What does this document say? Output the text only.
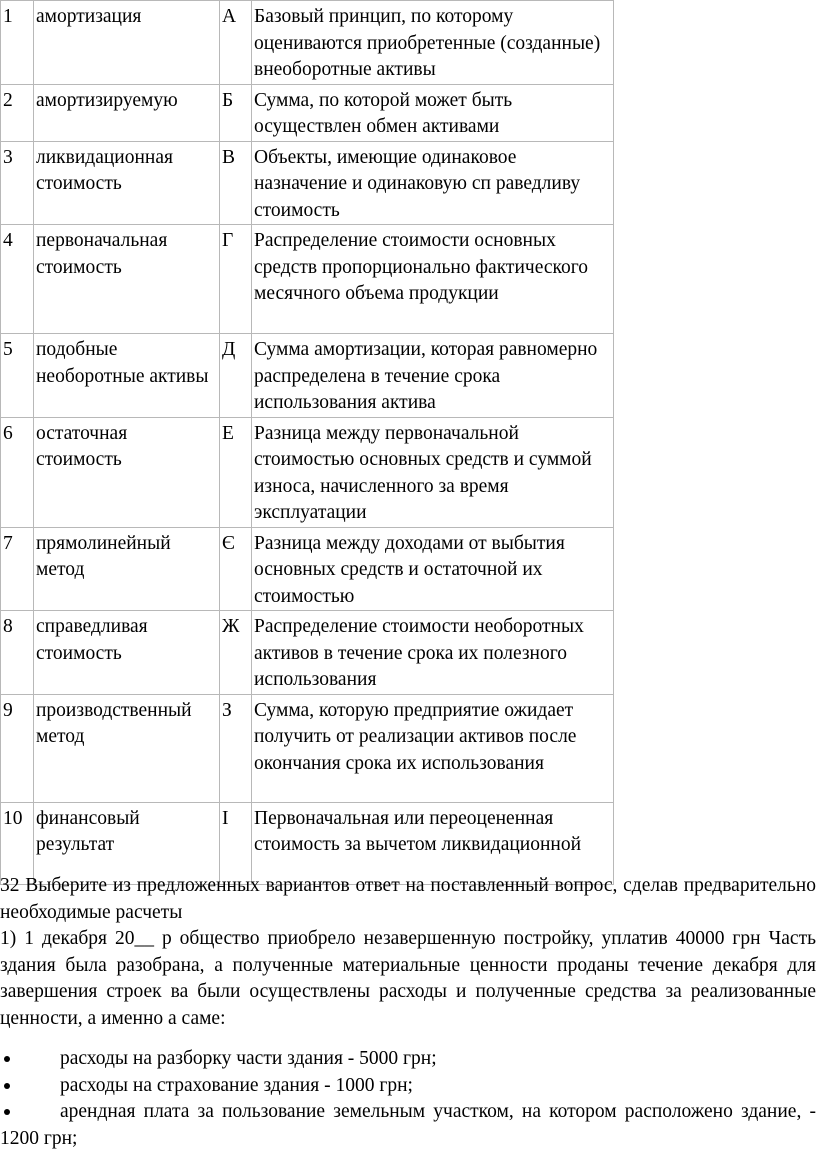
1	амортизация	А	Базовый принцип, по которому оцениваются приобретенные (созданные) внеоборотные активы
2	амортизируемую	Б	Сумма, по которой может быть осуществлен обмен активами
3	ликвидационная стоимость	В	Объекты, имеющие одинаковое назначение и одинаковую сп раведливу стоимость
4	первоначальная стоимость	Г	Распределение стоимости основных средств пропорционально фактического месячного объема продукции
5	подобные необоротные активы	Д	Сумма амортизации, которая равномерно распределена в течение срока использования актива
6	остаточная стоимость	Е	Разница между первоначальной стоимостью основных средств и суммой износа, начисленного за время эксплуатации
7	прямолинейный метод	Є	Разница между доходами от выбытия основных средств и остаточной их стоимостью
8	справедливая стоимость	Ж	Распределение стоимости необоротных активов в течение срока их полезного использования
9	производственный метод	З	Сумма, которую предприятие ожидает получить от реализации активов после окончания срока их использования
10	финансовый результат	І	Первоначальная или переоцененная стоимость за вычетом ликвидационной

32 Выберите из предложенных вариантов ответ на поставленный вопрос, сделав предварительно необходимые расчеты

1) 1 декабря 20__ р общество приобрело незавершенную постройку, уплатив 40000 грн Часть здания была разобрана, а полученные материальные ценности проданы течение декабря для завершения строек ва были осуществлены расходы и полученные средства за реализованные ценности, а именно а саме:

расходы на разборку части здания - 5000 грн;
расходы на страхование здания - 1000 грн;
арендная плата за пользование земельным участком, на котором расположено здание, - 1200 грн;
